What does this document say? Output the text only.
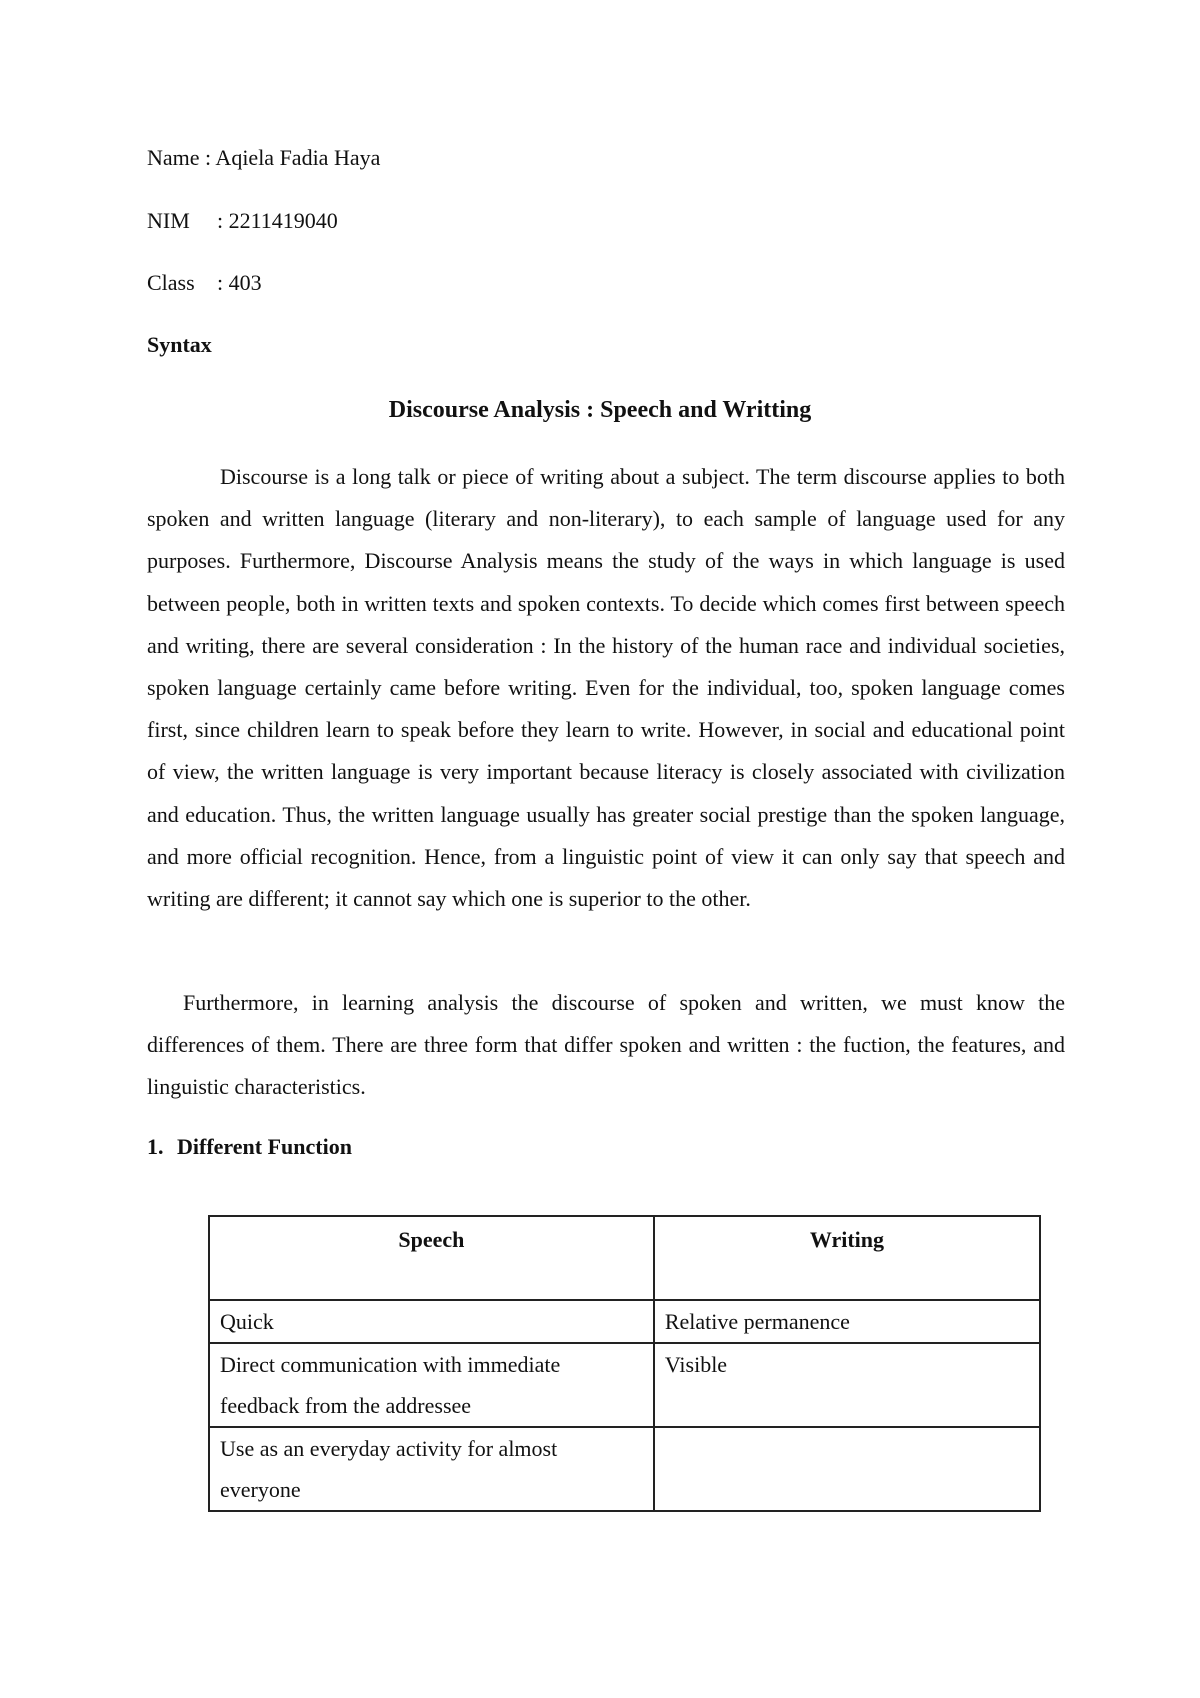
Name : Aqiela Fadia Haya
NIM : 2211419040
Class : 403
Syntax
Discourse Analysis : Speech and Writting

Discourse is a long talk or piece of writing about a subject. The term discourse applies to both spoken and written language (literary and non-literary), to each sample of language used for any purposes. Furthermore, Discourse Analysis means the study of the ways in which language is used between people, both in written texts and spoken contexts. To decide which comes first between speech and writing, there are several consideration : In the history of the human race and individual societies, spoken language certainly came before writing. Even for the individual, too, spoken language comes first, since children learn to speak before they learn to write. However, in social and educational point of view, the written language is very important because literacy is closely associated with civilization and education. Thus, the written language usually has greater social prestige than the spoken language, and more official recognition. Hence, from a linguistic point of view it can only say that speech and writing are different; it cannot say which one is superior to the other.

Furthermore, in learning analysis the discourse of spoken and written, we must know the differences of them. There are three form that differ spoken and written : the fuction, the features, and linguistic characteristics.

1. Different Function
Speech	Writing
Quick	Relative permanence
Direct communication with immediate feedback from the addressee	Visible
Use as an everyday activity for almost everyone	
